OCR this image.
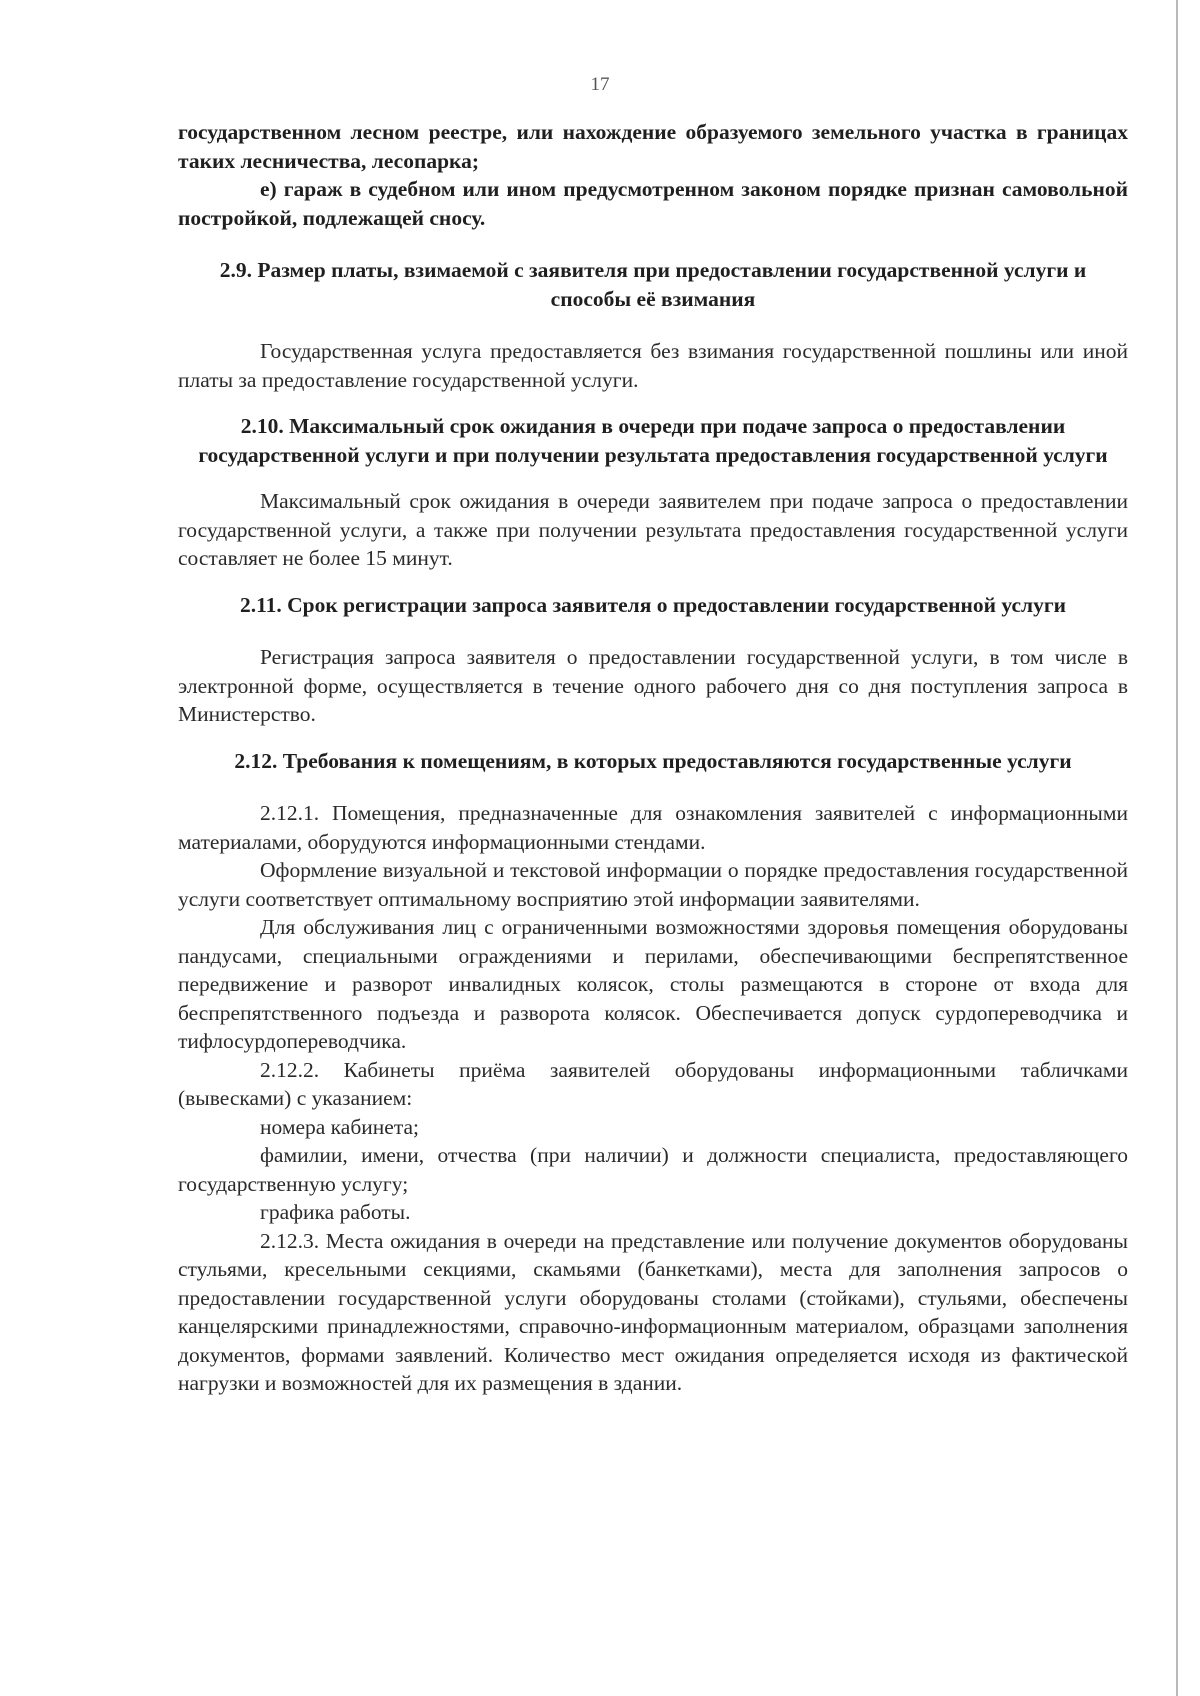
17

государственном лесном реестре, или нахождение образуемого земельного участка в границах таких лесничества, лесопарка;

е) гараж в судебном или ином предусмотренном законом порядке признан самовольной постройкой, подлежащей сносу.

2.9. Размер платы, взимаемой с заявителя при предоставлении государственной услуги и способы её взимания

Государственная услуга предоставляется без взимания государственной пошлины или иной платы за предоставление государственной услуги.

2.10. Максимальный срок ожидания в очереди при подаче запроса о предоставлении государственной услуги и при получении результата предоставления государственной услуги

Максимальный срок ожидания в очереди заявителем при подаче запроса о предоставлении государственной услуги, а также при получении результата предоставления государственной услуги составляет не более 15 минут.

2.11. Срок регистрации запроса заявителя о предоставлении государственной услуги

Регистрация запроса заявителя о предоставлении государственной услуги, в том числе в электронной форме, осуществляется в течение одного рабочего дня со дня поступления запроса в Министерство.

2.12. Требования к помещениям, в которых предоставляются государственные услуги

2.12.1. Помещения, предназначенные для ознакомления заявителей с информационными материалами, оборудуются информационными стендами.

Оформление визуальной и текстовой информации о порядке предоставления государственной услуги соответствует оптимальному восприятию этой информации заявителями.

Для обслуживания лиц с ограниченными возможностями здоровья помещения оборудованы пандусами, специальными ограждениями и перилами, обеспечивающими беспрепятственное передвижение и разворот инвалидных колясок, столы размещаются в стороне от входа для беспрепятственного подъезда и разворота колясок. Обеспечивается допуск сурдопереводчика и тифлосурдопереводчика.

2.12.2. Кабинеты приёма заявителей оборудованы информационными табличками (вывесками) с указанием:

номера кабинета;

фамилии, имени, отчества (при наличии) и должности специалиста, предоставляющего государственную услугу;

графика работы.

2.12.3. Места ожидания в очереди на представление или получение документов оборудованы стульями, кресельными секциями, скамьями (банкетками), места для заполнения запросов о предоставлении государственной услуги оборудованы столами (стойками), стульями, обеспечены канцелярскими принадлежностями, справочно-информационным материалом, образцами заполнения документов, формами заявлений. Количество мест ожидания определяется исходя из фактической нагрузки и возможностей для их размещения в здании.
